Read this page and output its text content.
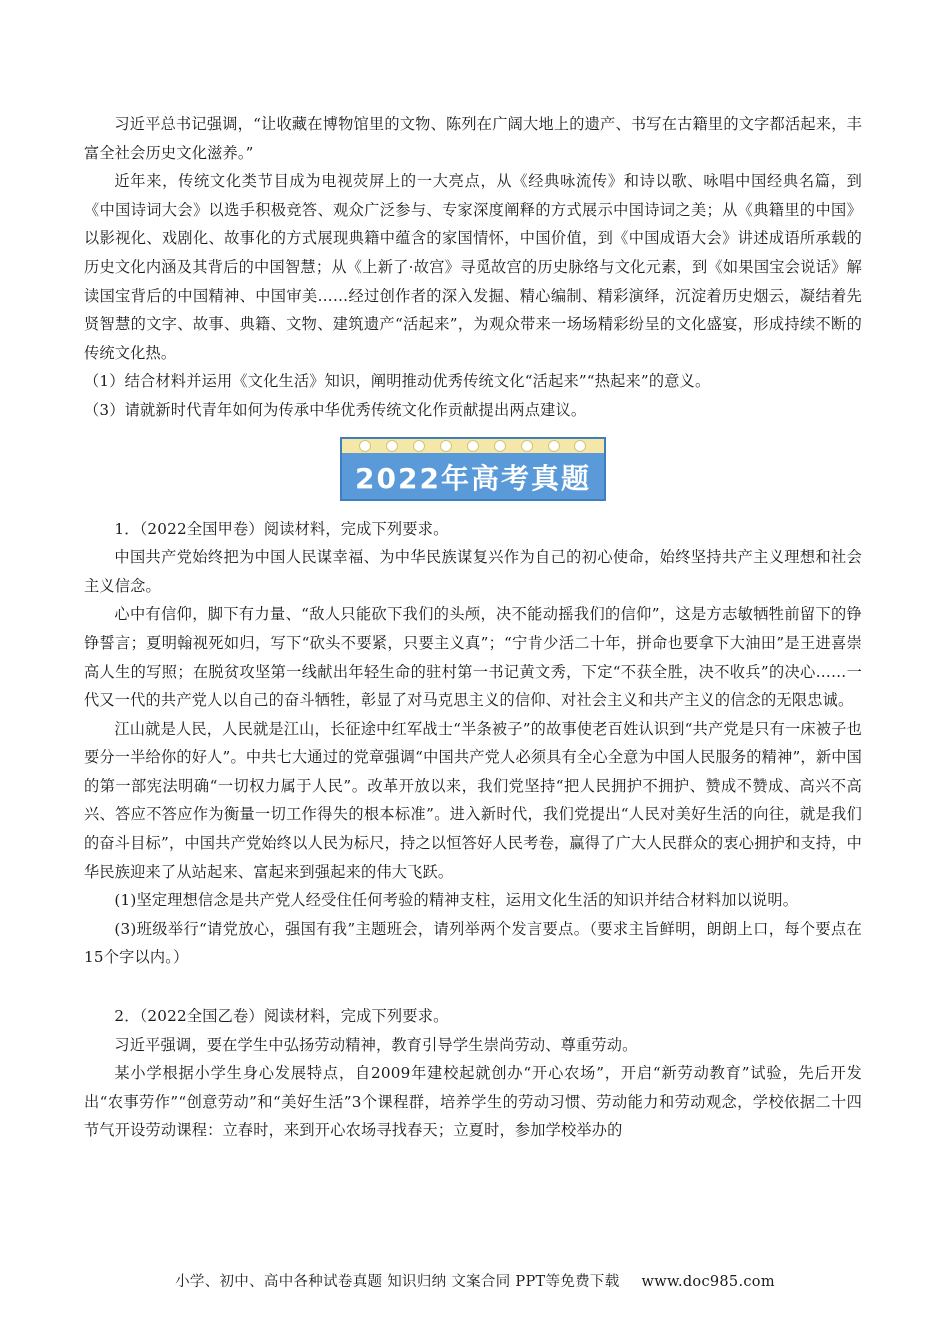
习近平总书记强调，“让收藏在博物馆里的文物、陈列在广阔大地上的遗产、书写在古籍里的文字都活起来，丰富全社会历史文化滋养。”

近年来，传统文化类节目成为电视荧屏上的一大亮点，从《经典咏流传》和诗以歌、咏唱中国经典名篇，到《中国诗词大会》以选手积极竞答、观众广泛参与、专家深度阐释的方式展示中国诗词之美；从《典籍里的中国》以影视化、戏剧化、故事化的方式展现典籍中蕴含的家国情怀，中国价值，到《中国成语大会》讲述成语所承载的历史文化内涵及其背后的中国智慧；从《上新了·故宫》寻觅故宫的历史脉络与文化元素，到《如果国宝会说话》解读国宝背后的中国精神、中国审美……经过创作者的深入发掘、精心编制、精彩演绎，沉淀着历史烟云，凝结着先贤智慧的文字、故事、典籍、文物、建筑遗产“活起来”，为观众带来一场场精彩纷呈的文化盛宴，形成持续不断的传统文化热。

（1）结合材料并运用《文化生活》知识，阐明推动优秀传统文化“活起来”“热起来”的意义。

（3）请就新时代青年如何为传承中华优秀传统文化作贡献提出两点建议。

2022年高考真题

1．（2022全国甲卷）阅读材料，完成下列要求。

中国共产党始终把为中国人民谋幸福、为中华民族谋复兴作为自己的初心使命，始终坚持共产主义理想和社会主义信念。

心中有信仰，脚下有力量、“敌人只能砍下我们的头颅，决不能动摇我们的信仰”，这是方志敏牺牲前留下的铮铮誓言；夏明翰视死如归，写下“砍头不要紧，只要主义真”；“宁肯少活二十年，拼命也要拿下大油田”是王进喜崇高人生的写照；在脱贫攻坚第一线献出年轻生命的驻村第一书记黄文秀，下定“不获全胜，决不收兵”的决心……一代又一代的共产党人以自己的奋斗牺牲，彰显了对马克思主义的信仰、对社会主义和共产主义的信念的无限忠诚。

江山就是人民，人民就是江山，长征途中红军战士“半条被子”的故事使老百姓认识到“共产党是只有一床被子也要分一半给你的好人”。中共七大通过的党章强调“中国共产党人必须具有全心全意为中国人民服务的精神”，新中国的第一部宪法明确“一切权力属于人民”。改革开放以来，我们党坚持“把人民拥护不拥护、赞成不赞成、高兴不高兴、答应不答应作为衡量一切工作得失的根本标准”。进入新时代，我们党提出“人民对美好生活的向往，就是我们的奋斗目标”，中国共产党始终以人民为标尺，持之以恒答好人民考卷，赢得了广大人民群众的衷心拥护和支持，中华民族迎来了从站起来、富起来到强起来的伟大飞跃。

(1)坚定理想信念是共产党人经受住任何考验的精神支柱，运用文化生活的知识并结合材料加以说明。

(3)班级举行“请党放心，强国有我”主题班会，请列举两个发言要点。（要求主旨鲜明，朗朗上口，每个要点在15个字以内。）

2．（2022全国乙卷）阅读材料，完成下列要求。

习近平强调，要在学生中弘扬劳动精神，教育引导学生崇尚劳动、尊重劳动。

某小学根据小学生身心发展特点，自2009年建校起就创办“开心农场”，开启“新劳动教育”试验，先后开发出“农事劳作”“创意劳动”和“美好生活”3个课程群，培养学生的劳动习惯、劳动能力和劳动观念，学校依据二十四节气开设劳动课程：立春时，来到开心农场寻找春天；立夏时，参加学校举办的

小学、初中、高中各种试卷真题 知识归纳 文案合同 PPT等免费下载 www.doc985.com
